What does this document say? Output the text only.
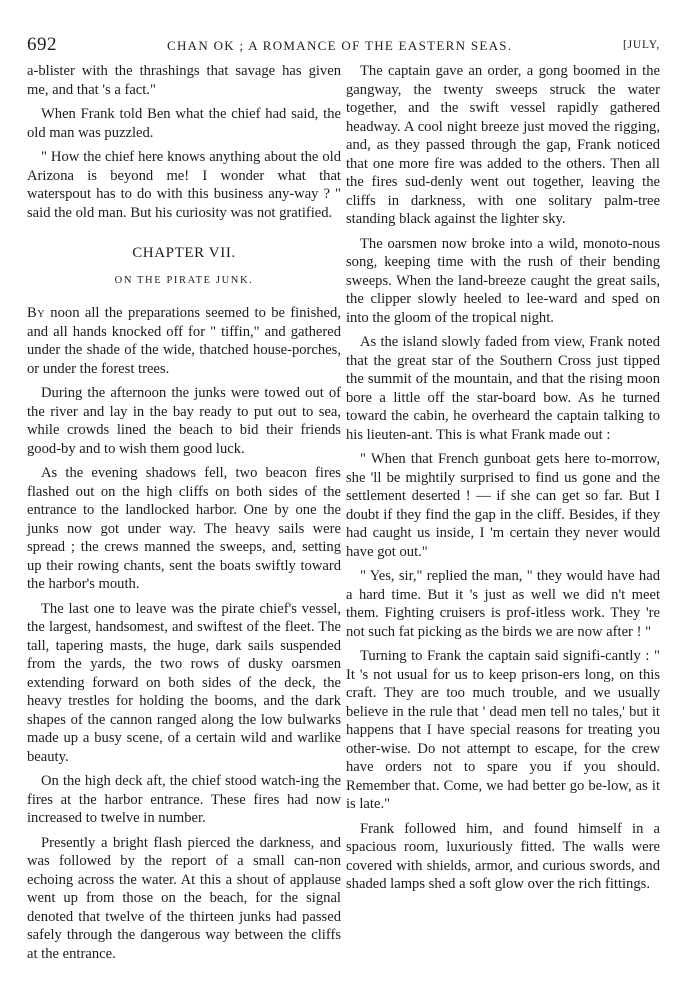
692	CHAN OK ; A ROMANCE OF THE EASTERN SEAS.	[JULY,

a-blister with the thrashings that savage has given me, and that 's a fact."

When Frank told Ben what the chief had said, the old man was puzzled.

" How the chief here knows anything about the old Arizona is beyond me! I wonder what that waterspout has to do with this business any-way ? " said the old man. But his curiosity was not gratified.

CHAPTER VII.
ON THE PIRATE JUNK.

By noon all the preparations seemed to be finished, and all hands knocked off for " tiffin," and gathered under the shade of the wide, thatched house-porches, or under the forest trees.

During the afternoon the junks were towed out of the river and lay in the bay ready to put out to sea, while crowds lined the beach to bid their friends good-by and to wish them good luck.

As the evening shadows fell, two beacon fires flashed out on the high cliffs on both sides of the entrance to the landlocked harbor. One by one the junks now got under way. The heavy sails were spread ; the crews manned the sweeps, and, setting up their rowing chants, sent the boats swiftly toward the harbor's mouth.

The last one to leave was the pirate chief's vessel, the largest, handsomest, and swiftest of the fleet. The tall, tapering masts, the huge, dark sails suspended from the yards, the two rows of dusky oarsmen extending forward on both sides of the deck, the heavy trestles for holding the booms, and the dark shapes of the cannon ranged along the low bulwarks made up a busy scene, of a certain wild and warlike beauty.

On the high deck aft, the chief stood watch-ing the fires at the harbor entrance. These fires had now increased to twelve in number.

Presently a bright flash pierced the darkness, and was followed by the report of a small can-non echoing across the water. At this a shout of applause went up from those on the beach, for the signal denoted that twelve of the thirteen junks had passed safely through the dangerous way between the cliffs at the entrance.

The captain gave an order, a gong boomed in the gangway, the twenty sweeps struck the water together, and the swift vessel rapidly gathered headway. A cool night breeze just moved the rigging, and, as they passed through the gap, Frank noticed that one more fire was added to the others. Then all the fires sud-denly went out together, leaving the cliffs in darkness, with one solitary palm-tree standing black against the lighter sky.

The oarsmen now broke into a wild, monoto-nous song, keeping time with the rush of their bending sweeps. When the land-breeze caught the great sails, the clipper slowly heeled to lee-ward and sped on into the gloom of the tropical night.

As the island slowly faded from view, Frank noted that the great star of the Southern Cross just tipped the summit of the mountain, and that the rising moon bore a little off the star-board bow. As he turned toward the cabin, he overheard the captain talking to his lieuten-ant. This is what Frank made out :

" When that French gunboat gets here to-morrow, she 'll be mightily surprised to find us gone and the settlement deserted ! — if she can get so far. But I doubt if they find the gap in the cliff. Besides, if they had caught us inside, I 'm certain they never would have got out."

" Yes, sir," replied the man, " they would have had a hard time. But it 's just as well we did n't meet them. Fighting cruisers is prof-itless work. They 're not such fat picking as the birds we are now after ! "

Turning to Frank the captain said signifi-cantly : " It 's not usual for us to keep prison-ers long, on this craft. They are too much trouble, and we usually believe in the rule that ' dead men tell no tales,' but it happens that I have special reasons for treating you other-wise. Do not attempt to escape, for the crew have orders not to spare you if you should. Remember that. Come, we had better go be-low, as it is late."

Frank followed him, and found himself in a spacious room, luxuriously fitted. The walls were covered with shields, armor, and curious swords, and shaded lamps shed a soft glow over the rich fittings.
